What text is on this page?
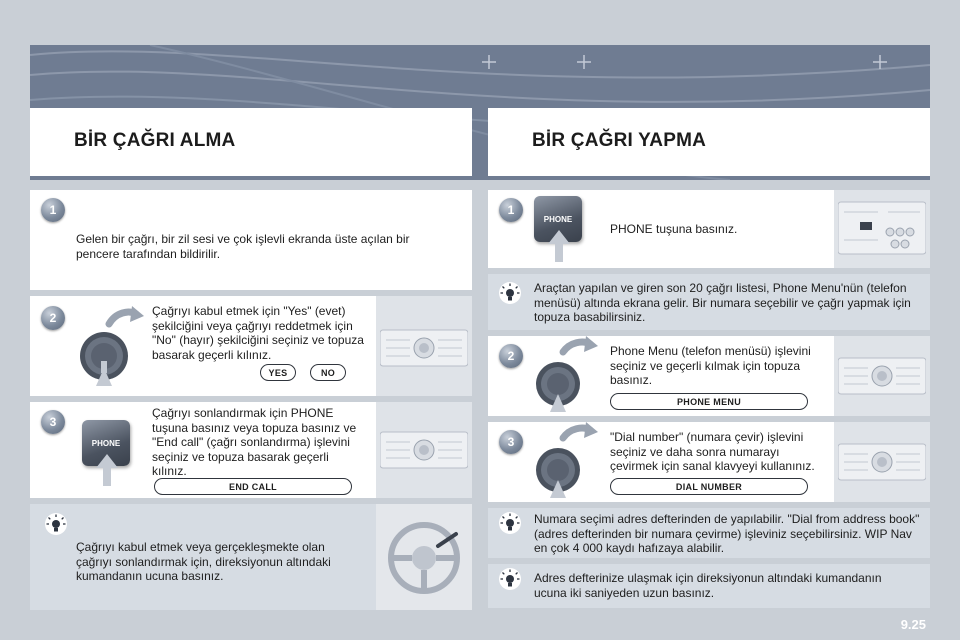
BİR ÇAĞRI ALMA	BİR ÇAĞRI YAPMA
1
Gelen bir çağrı, bir zil sesi ve çok işlevli ekranda üste açılan bir pencere tarafından bildirilir.
2	Çağrıyı kabul etmek için "Yes" (evet) şekilciğini veya çağrıyı reddetmek için "No" (hayır) şekilciğini seçiniz ve topuza basarak geçerli kılınız.
YES	NO
3
PHONE
Çağrıyı sonlandırmak için PHONE tuşuna basınız veya topuza basınız ve "End call" (çağrı sonlandırma) işlevini seçiniz ve topuza basarak geçerli kılınız.
END CALL
Çağrıyı kabul etmek veya gerçekleşmekte olan çağrıyı sonlandırmak için, direksiyonun altındaki kumandanın ucuna basınız.
1
PHONE
PHONE tuşuna basınız.
Araçtan yapılan ve giren son 20 çağrı listesi, Phone Menu'nün (telefon menüsü) altında ekrana gelir. Bir numara seçebilir ve çağrı yapmak için topuza basabilirsiniz.
2	Phone Menu (telefon menüsü) işlevini seçiniz ve geçerli kılmak için topuza basınız.
PHONE MENU
3	"Dial number" (numara çevir) işlevini seçiniz ve daha sonra numarayı çevirmek için sanal klavyeyi kullanınız.
DIAL NUMBER
Numara seçimi adres defterinden de yapılabilir. "Dial from address book" (adres defterinden bir numara çevirme) işleviniz seçebilirsiniz. WIP Nav en çok 4 000 kaydı hafızaya alabilir.
Adres defterinize ulaşmak için direksiyonun altındaki kumandanın ucuna iki saniyeden uzun basınız.
9.25
